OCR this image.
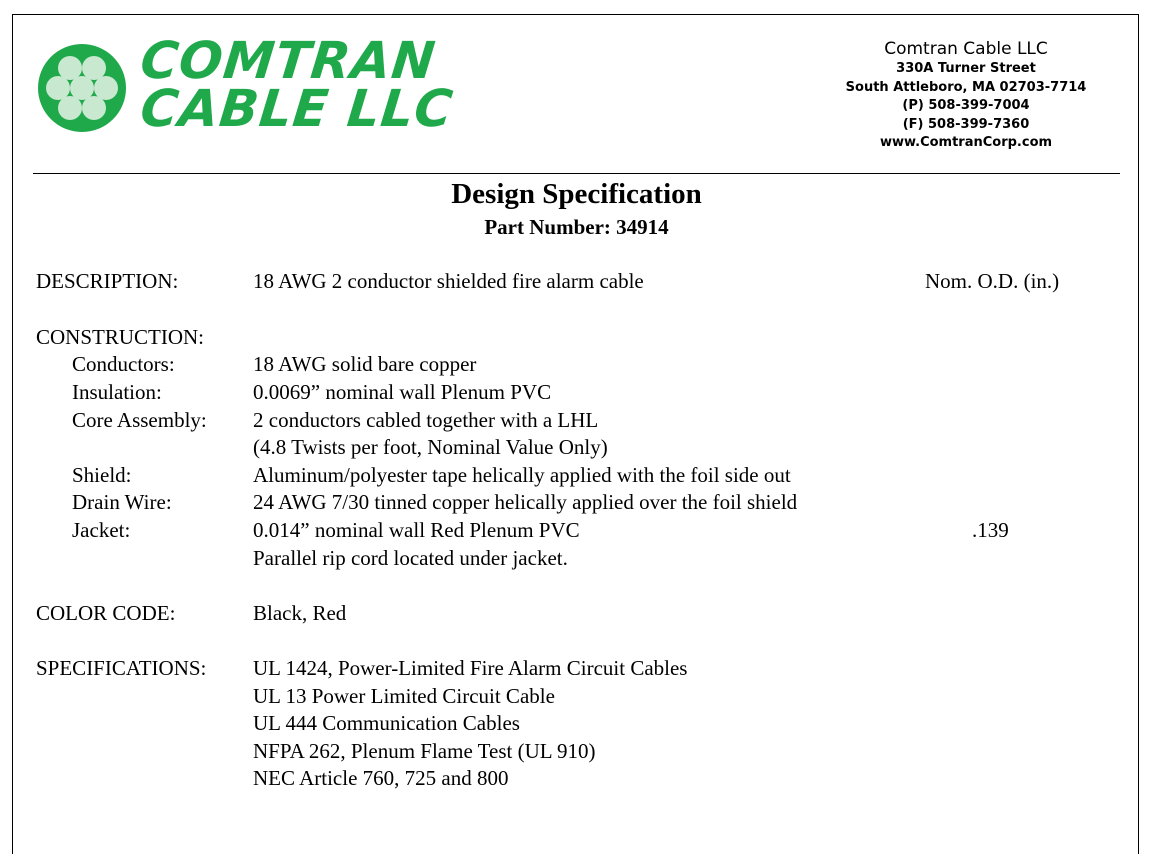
COMTRAN
CABLE LLC
Comtran Cable LLC
330A Turner Street
South Attleboro, MA 02703-7714
(P) 508-399-7004
(F) 508-399-7360
www.ComtranCorp.com
Design Specification
Part Number: 34914
DESCRIPTION:	18 AWG 2 conductor shielded fire alarm cable	Nom. O.D. (in.)
CONSTRUCTION:
Conductors:	18 AWG solid bare copper
Insulation:	0.0069” nominal wall Plenum PVC
Core Assembly: 2 conductors cabled together with a LHL
(4.8 Twists per foot, Nominal Value Only)
Shield:	Aluminum/polyester tape helically applied with the foil side out
Drain Wire:	24 AWG 7/30 tinned copper helically applied over the foil shield
Jacket:	0.014” nominal wall Red Plenum PVC	.139
Parallel rip cord located under jacket.
COLOR CODE:	Black, Red
SPECIFICATIONS: UL 1424, Power-Limited Fire Alarm Circuit Cables
UL 13 Power Limited Circuit Cable
UL 444 Communication Cables
NFPA 262, Plenum Flame Test (UL 910)
NEC Article 760, 725 and 800
